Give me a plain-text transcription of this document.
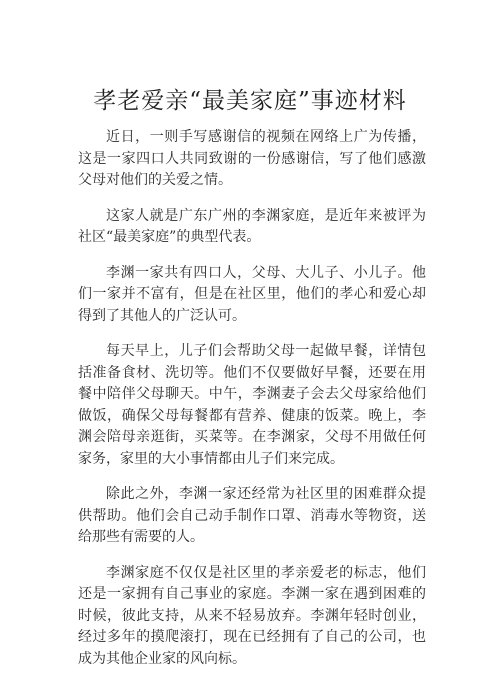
孝老爱亲“最美家庭”事迹材料

近日，一则手写感谢信的视频在网络上广为传播，这是一家四口人共同致谢的一份感谢信，写了他们感激父母对他们的关爱之情。

这家人就是广东广州的李渊家庭，是近年来被评为社区“最美家庭”的典型代表。

李渊一家共有四口人，父母、大儿子、小儿子。他们一家并不富有，但是在社区里，他们的孝心和爱心却得到了其他人的广泛认可。

每天早上，儿子们会帮助父母一起做早餐，详情包括准备食材、洗切等。他们不仅要做好早餐，还要在用餐中陪伴父母聊天。中午，李渊妻子会去父母家给他们做饭，确保父母每餐都有营养、健康的饭菜。晚上，李渊会陪母亲逛街，买菜等。在李渊家，父母不用做任何家务，家里的大小事情都由儿子们来完成。

除此之外，李渊一家还经常为社区里的困难群众提供帮助。他们会自己动手制作口罩、消毒水等物资，送给那些有需要的人。

李渊家庭不仅仅是社区里的孝亲爱老的标志，他们还是一家拥有自己事业的家庭。李渊一家在遇到困难的时候，彼此支持，从来不轻易放弃。李渊年轻时创业，经过多年的摸爬滚打，现在已经拥有了自己的公司，也成为其他企业家的风向标。
